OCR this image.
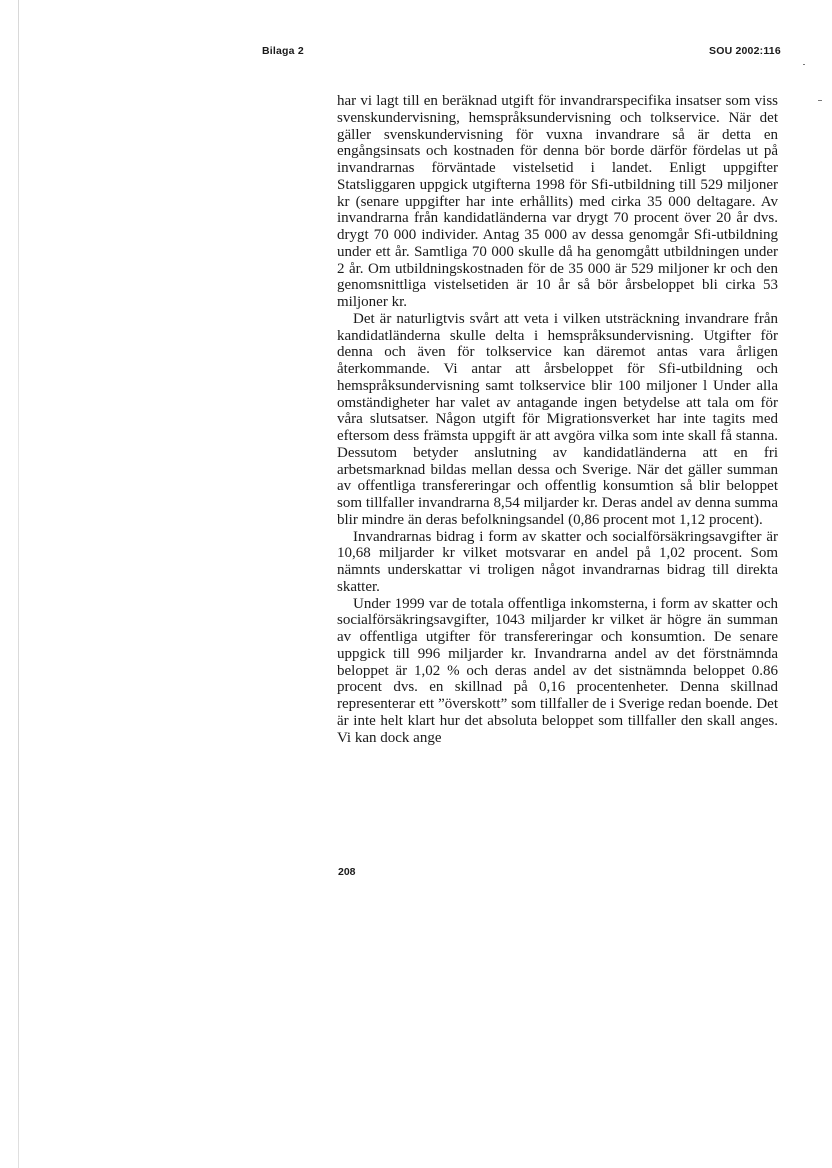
Bilaga 2	SOU 2002:116

har vi lagt till en beräknad utgift för invandrarspecifika insatser som viss svenskundervisning, hemspråksundervisning och tolkservice. När det gäller svenskundervisning för vuxna invandrare så är detta en engångsinsats och kostnaden för denna bör borde därför fördelas ut på invandrarnas förväntade vistelsetid i landet. Enligt uppgifter Statsliggaren uppgick utgifterna 1998 för Sfi-utbildning till 529 miljoner kr (senare uppgifter har inte erhållits) med cirka 35 000 deltagare. Av invandrarna från kandidatländerna var drygt 70 procent över 20 år dvs. drygt 70 000 individer. Antag 35 000 av dessa genomgår Sfi-utbildning under ett år. Samtliga 70 000 skulle då ha genomgått utbildningen under 2 år. Om utbildningskostnaden för de 35 000 är 529 miljoner kr och den genomsnittliga vistelsetiden är 10 år så bör årsbeloppet bli cirka 53 miljoner kr.

Det är naturligtvis svårt att veta i vilken utsträckning invandrare från kandidatländerna skulle delta i hemspråksundervisning. Utgifter för denna och även för tolkservice kan däremot antas vara årligen återkommande. Vi antar att årsbeloppet för Sfi-utbildning och hemspråksundervisning samt tolkservice blir 100 miljoner l Under alla omständigheter har valet av antagande ingen betydelse att tala om för våra slutsatser. Någon utgift för Migrationsverket har inte tagits med eftersom dess främsta uppgift är att avgöra vilka som inte skall få stanna. Dessutom betyder anslutning av kandidatländerna att en fri arbetsmarknad bildas mellan dessa och Sverige. När det gäller summan av offentliga transfereringar och offentlig konsumtion så blir beloppet som tillfaller invandrarna 8,54 miljarder kr. Deras andel av denna summa blir mindre än deras befolkningsandel (0,86 procent mot 1,12 procent).

Invandrarnas bidrag i form av skatter och socialförsäkringsavgifter är 10,68 miljarder kr vilket motsvarar en andel på 1,02 procent. Som nämnts underskattar vi troligen något invandrarnas bidrag till direkta skatter.

Under 1999 var de totala offentliga inkomsterna, i form av skatter och socialförsäkringsavgifter, 1043 miljarder kr vilket är högre än summan av offentliga utgifter för transfereringar och konsumtion. De senare uppgick till 996 miljarder kr. Invandrarna andel av det förstnämnda beloppet är 1,02 % och deras andel av det sistnämnda beloppet 0.86 procent dvs. en skillnad på 0,16 procentenheter. Denna skillnad representerar ett ”överskott” som tillfaller de i Sverige redan boende. Det är inte helt klart hur det absoluta beloppet som tillfaller den skall anges. Vi kan dock ange

208
